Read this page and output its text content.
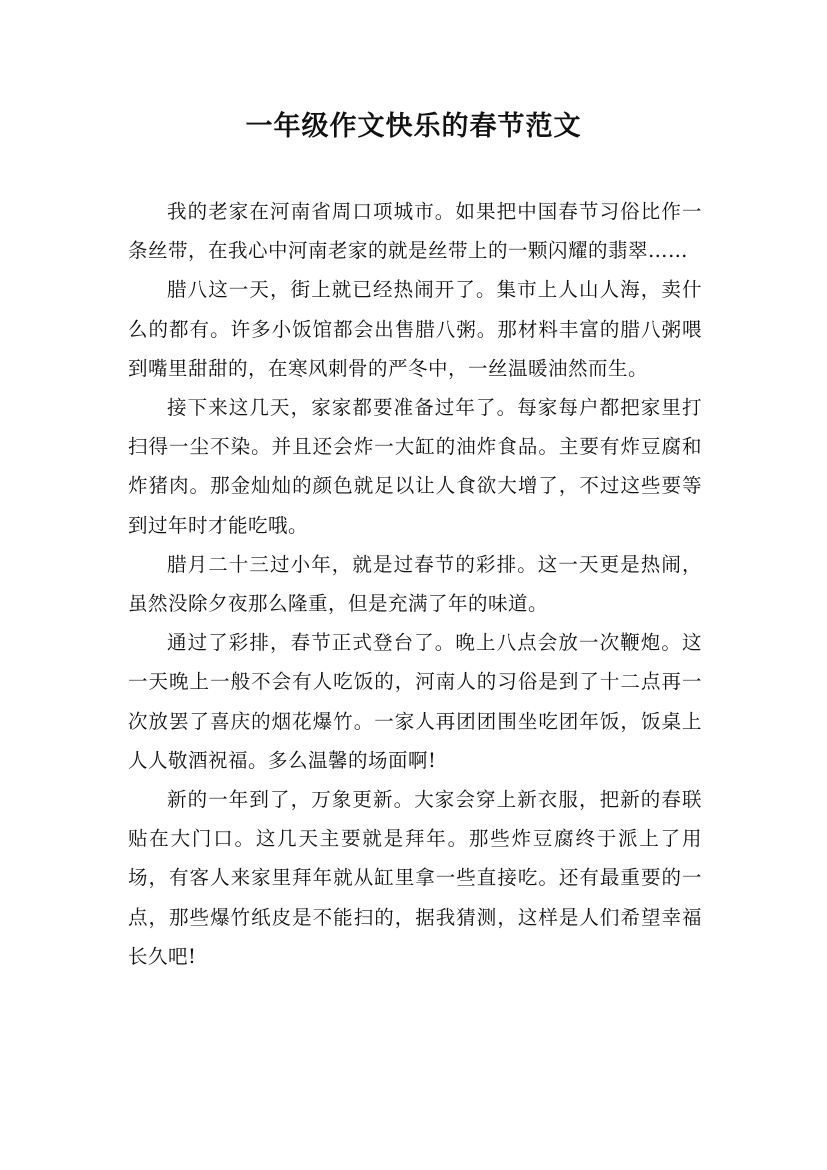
一年级作文快乐的春节范文

我的老家在河南省周口项城市。如果把中国春节习俗比作一条丝带，在我心中河南老家的就是丝带上的一颗闪耀的翡翠……

腊八这一天，街上就已经热闹开了。集市上人山人海，卖什么的都有。许多小饭馆都会出售腊八粥。那材料丰富的腊八粥喂到嘴里甜甜的，在寒风刺骨的严冬中，一丝温暖油然而生。

接下来这几天，家家都要准备过年了。每家每户都把家里打扫得一尘不染。并且还会炸一大缸的油炸食品。主要有炸豆腐和炸猪肉。那金灿灿的颜色就足以让人食欲大增了，不过这些要等到过年时才能吃哦。

腊月二十三过小年，就是过春节的彩排。这一天更是热闹，虽然没除夕夜那么隆重，但是充满了年的味道。

通过了彩排，春节正式登台了。晚上八点会放一次鞭炮。这一天晚上一般不会有人吃饭的，河南人的习俗是到了十二点再一次放罢了喜庆的烟花爆竹。一家人再团团围坐吃团年饭，饭桌上人人敬酒祝福。多么温馨的场面啊!

新的一年到了，万象更新。大家会穿上新衣服，把新的春联贴在大门口。这几天主要就是拜年。那些炸豆腐终于派上了用场，有客人来家里拜年就从缸里拿一些直接吃。还有最重要的一点，那些爆竹纸皮是不能扫的，据我猜测，这样是人们希望幸福长久吧!
